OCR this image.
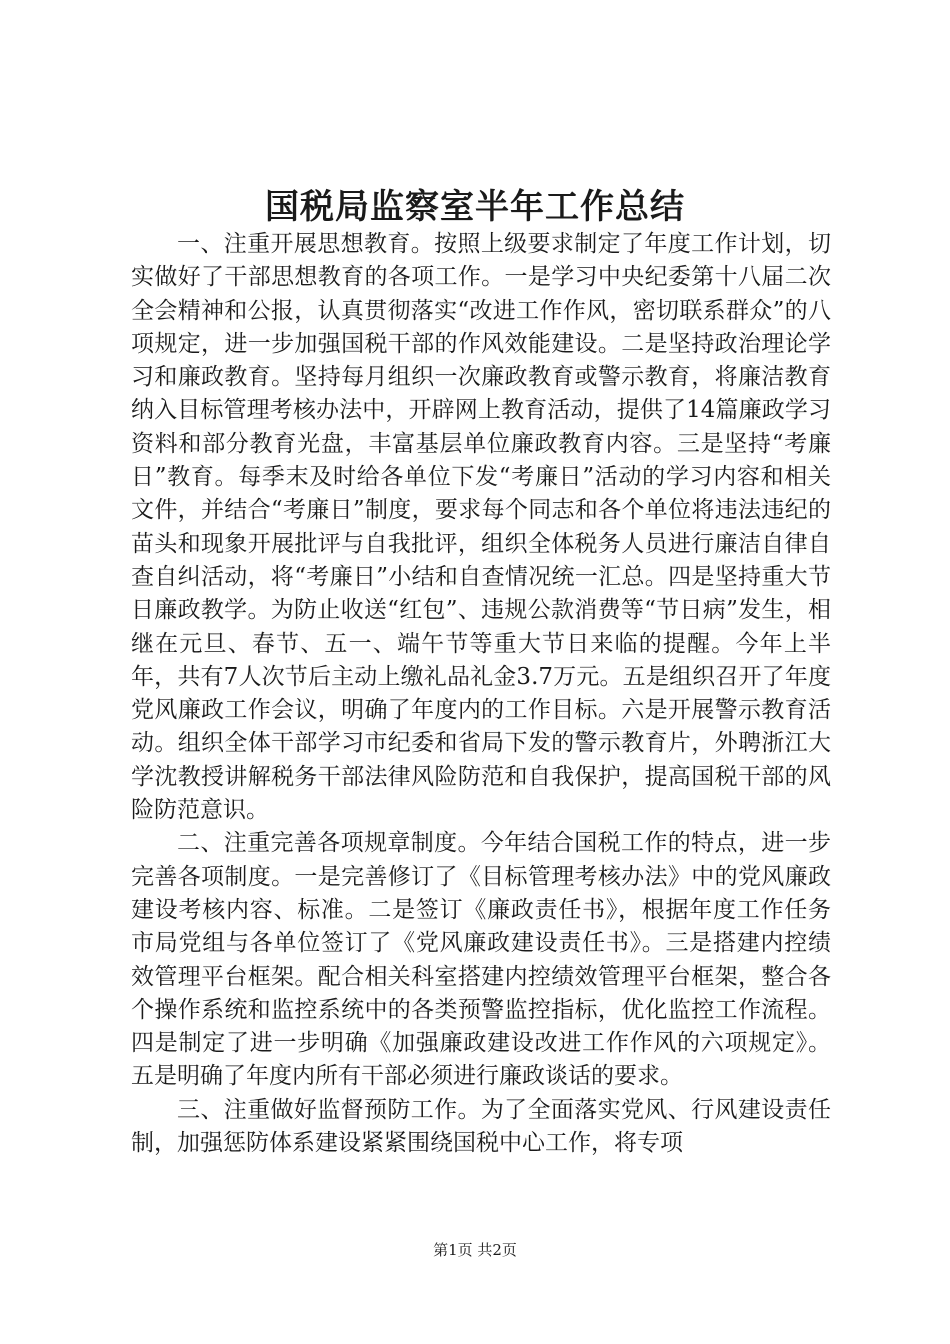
国税局监察室半年工作总结

一、注重开展思想教育。按照上级要求制定了年度工作计划，切实做好了干部思想教育的各项工作。一是学习中央纪委第十八届二次全会精神和公报，认真贯彻落实“改进工作作风，密切联系群众”的八项规定，进一步加强国税干部的作风效能建设。二是坚持政治理论学习和廉政教育。坚持每月组织一次廉政教育或警示教育，将廉洁教育纳入目标管理考核办法中，开辟网上教育活动，提供了14篇廉政学习资料和部分教育光盘，丰富基层单位廉政教育内容。三是坚持“考廉日”教育。每季末及时给各单位下发“考廉日”活动的学习内容和相关文件，并结合“考廉日”制度，要求每个同志和各个单位将违法违纪的苗头和现象开展批评与自我批评，组织全体税务人员进行廉洁自律自查自纠活动，将“考廉日”小结和自查情况统一汇总。四是坚持重大节日廉政教学。为防止收送“红包”、违规公款消费等“节日病”发生，相继在元旦、春节、五一、端午节等重大节日来临的提醒。今年上半年，共有7人次节后主动上缴礼品礼金3.7万元。五是组织召开了年度党风廉政工作会议，明确了年度内的工作目标。六是开展警示教育活动。组织全体干部学习市纪委和省局下发的警示教育片，外聘浙江大学沈教授讲解税务干部法律风险防范和自我保护，提高国税干部的风险防范意识。

二、注重完善各项规章制度。今年结合国税工作的特点，进一步完善各项制度。一是完善修订了《目标管理考核办法》中的党风廉政建设考核内容、标准。二是签订《廉政责任书》，根据年度工作任务市局党组与各单位签订了《党风廉政建设责任书》。三是搭建内控绩效管理平台框架。配合相关科室搭建内控绩效管理平台框架，整合各个操作系统和监控系统中的各类预警监控指标，优化监控工作流程。四是制定了进一步明确《加强廉政建设改进工作作风的六项规定》。五是明确了年度内所有干部必须进行廉政谈话的要求。

三、注重做好监督预防工作。为了全面落实党风、行风建设责任制，加强惩防体系建设紧紧围绕国税中心工作，将专项

第1页 共2页
